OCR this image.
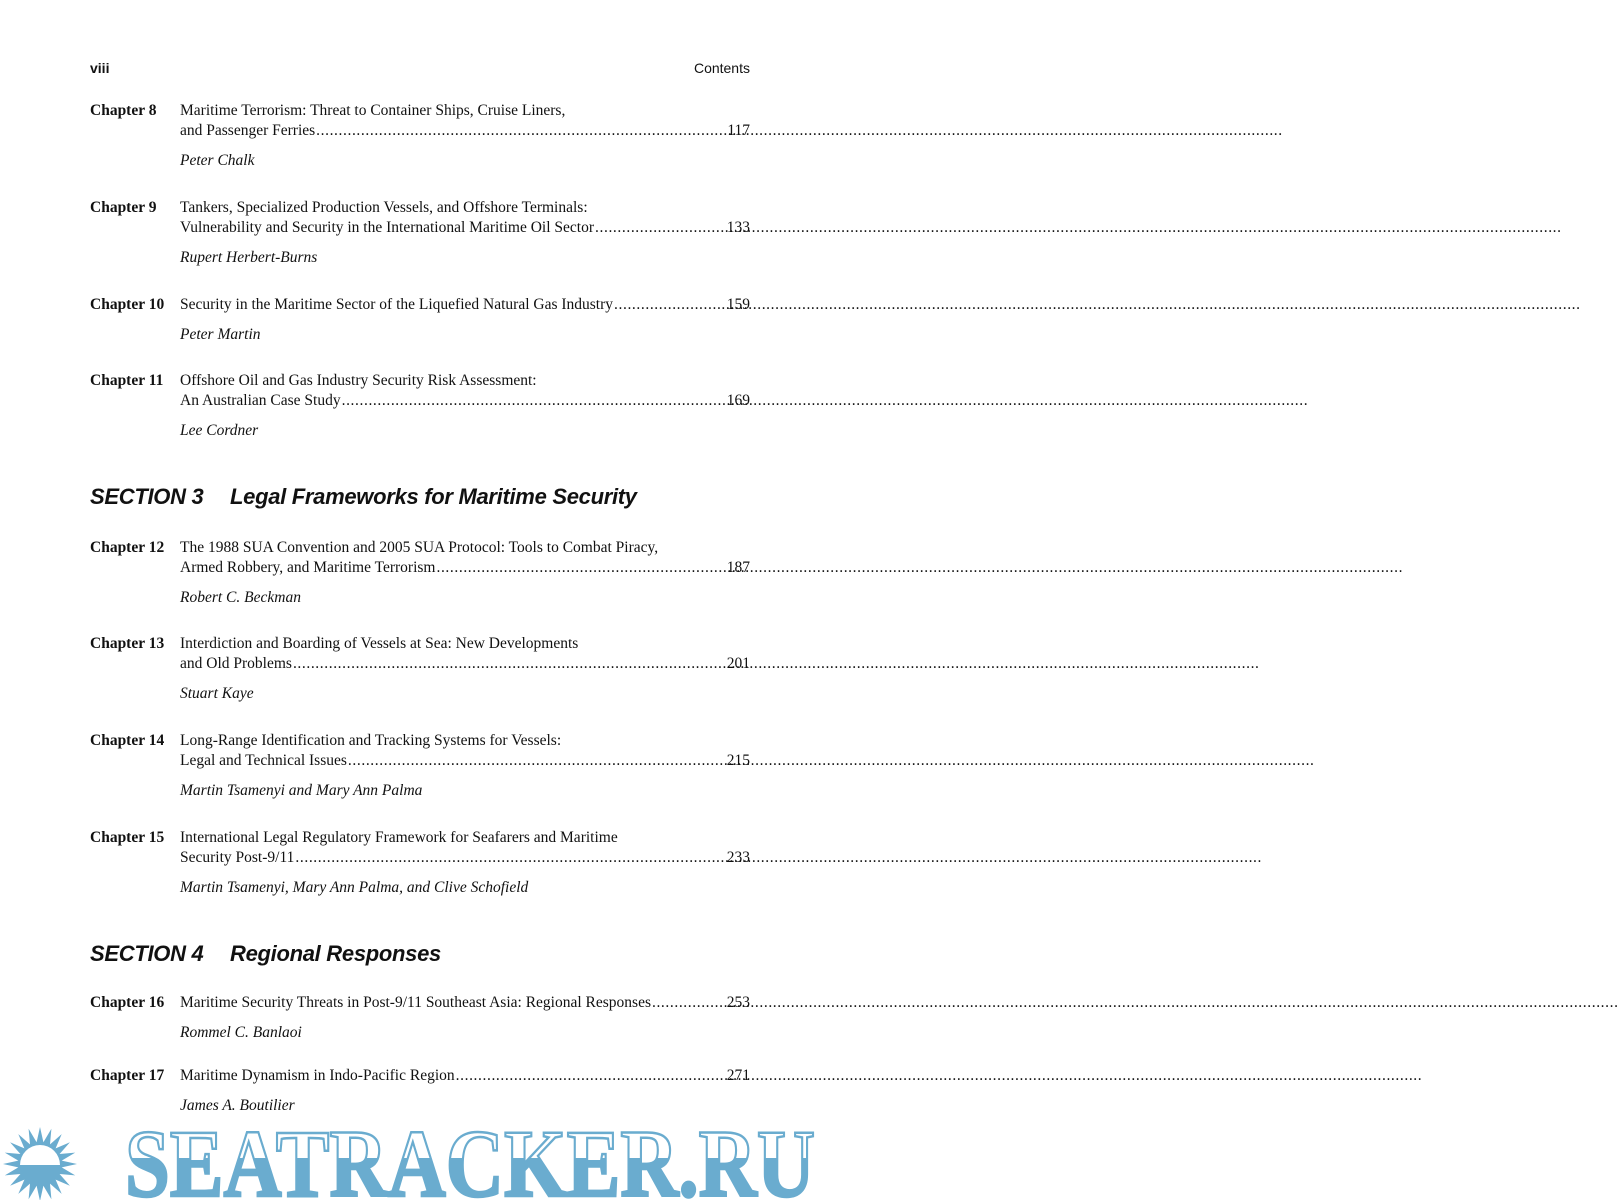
viii	Contents
Chapter 8 Maritime Terrorism: Threat to Container Ships, Cruise Liners,
and Passenger Ferries .....	117
Peter Chalk
Chapter 9 Tankers, Specialized Production Vessels, and Offshore Terminals:
Vulnerability and Security in the International Maritime Oil Sector .....	133
Rupert Herbert-Burns
Chapter 10 Security in the Maritime Sector of the Liquefied Natural Gas Industry .....	159
Peter Martin
Chapter 11 Offshore Oil and Gas Industry Security Risk Assessment:
An Australian Case Study .....	169
Lee Cordner
SECTION 3 Legal Frameworks for Maritime Security
Chapter 12 The 1988 SUA Convention and 2005 SUA Protocol: Tools to Combat Piracy,
Armed Robbery, and Maritime Terrorism .....	187
Robert C. Beckman
Chapter 13 Interdiction and Boarding of Vessels at Sea: New Developments
and Old Problems .....	201
Stuart Kaye
Chapter 14 Long-Range Identification and Tracking Systems for Vessels:
Legal and Technical Issues .....	215
Martin Tsamenyi and Mary Ann Palma
Chapter 15 International Legal Regulatory Framework for Seafarers and Maritime
Security Post-9/11 .....	233
Martin Tsamenyi, Mary Ann Palma, and Clive Schofield
SECTION 4 Regional Responses
Chapter 16 Maritime Security Threats in Post-9/11 Southeast Asia: Regional Responses .....	253
Rommel C. Banlaoi
Chapter 17 Maritime Dynamism in Indo-Pacific Region .....	271
James A. Boutilier
SEATRACKER.RU
